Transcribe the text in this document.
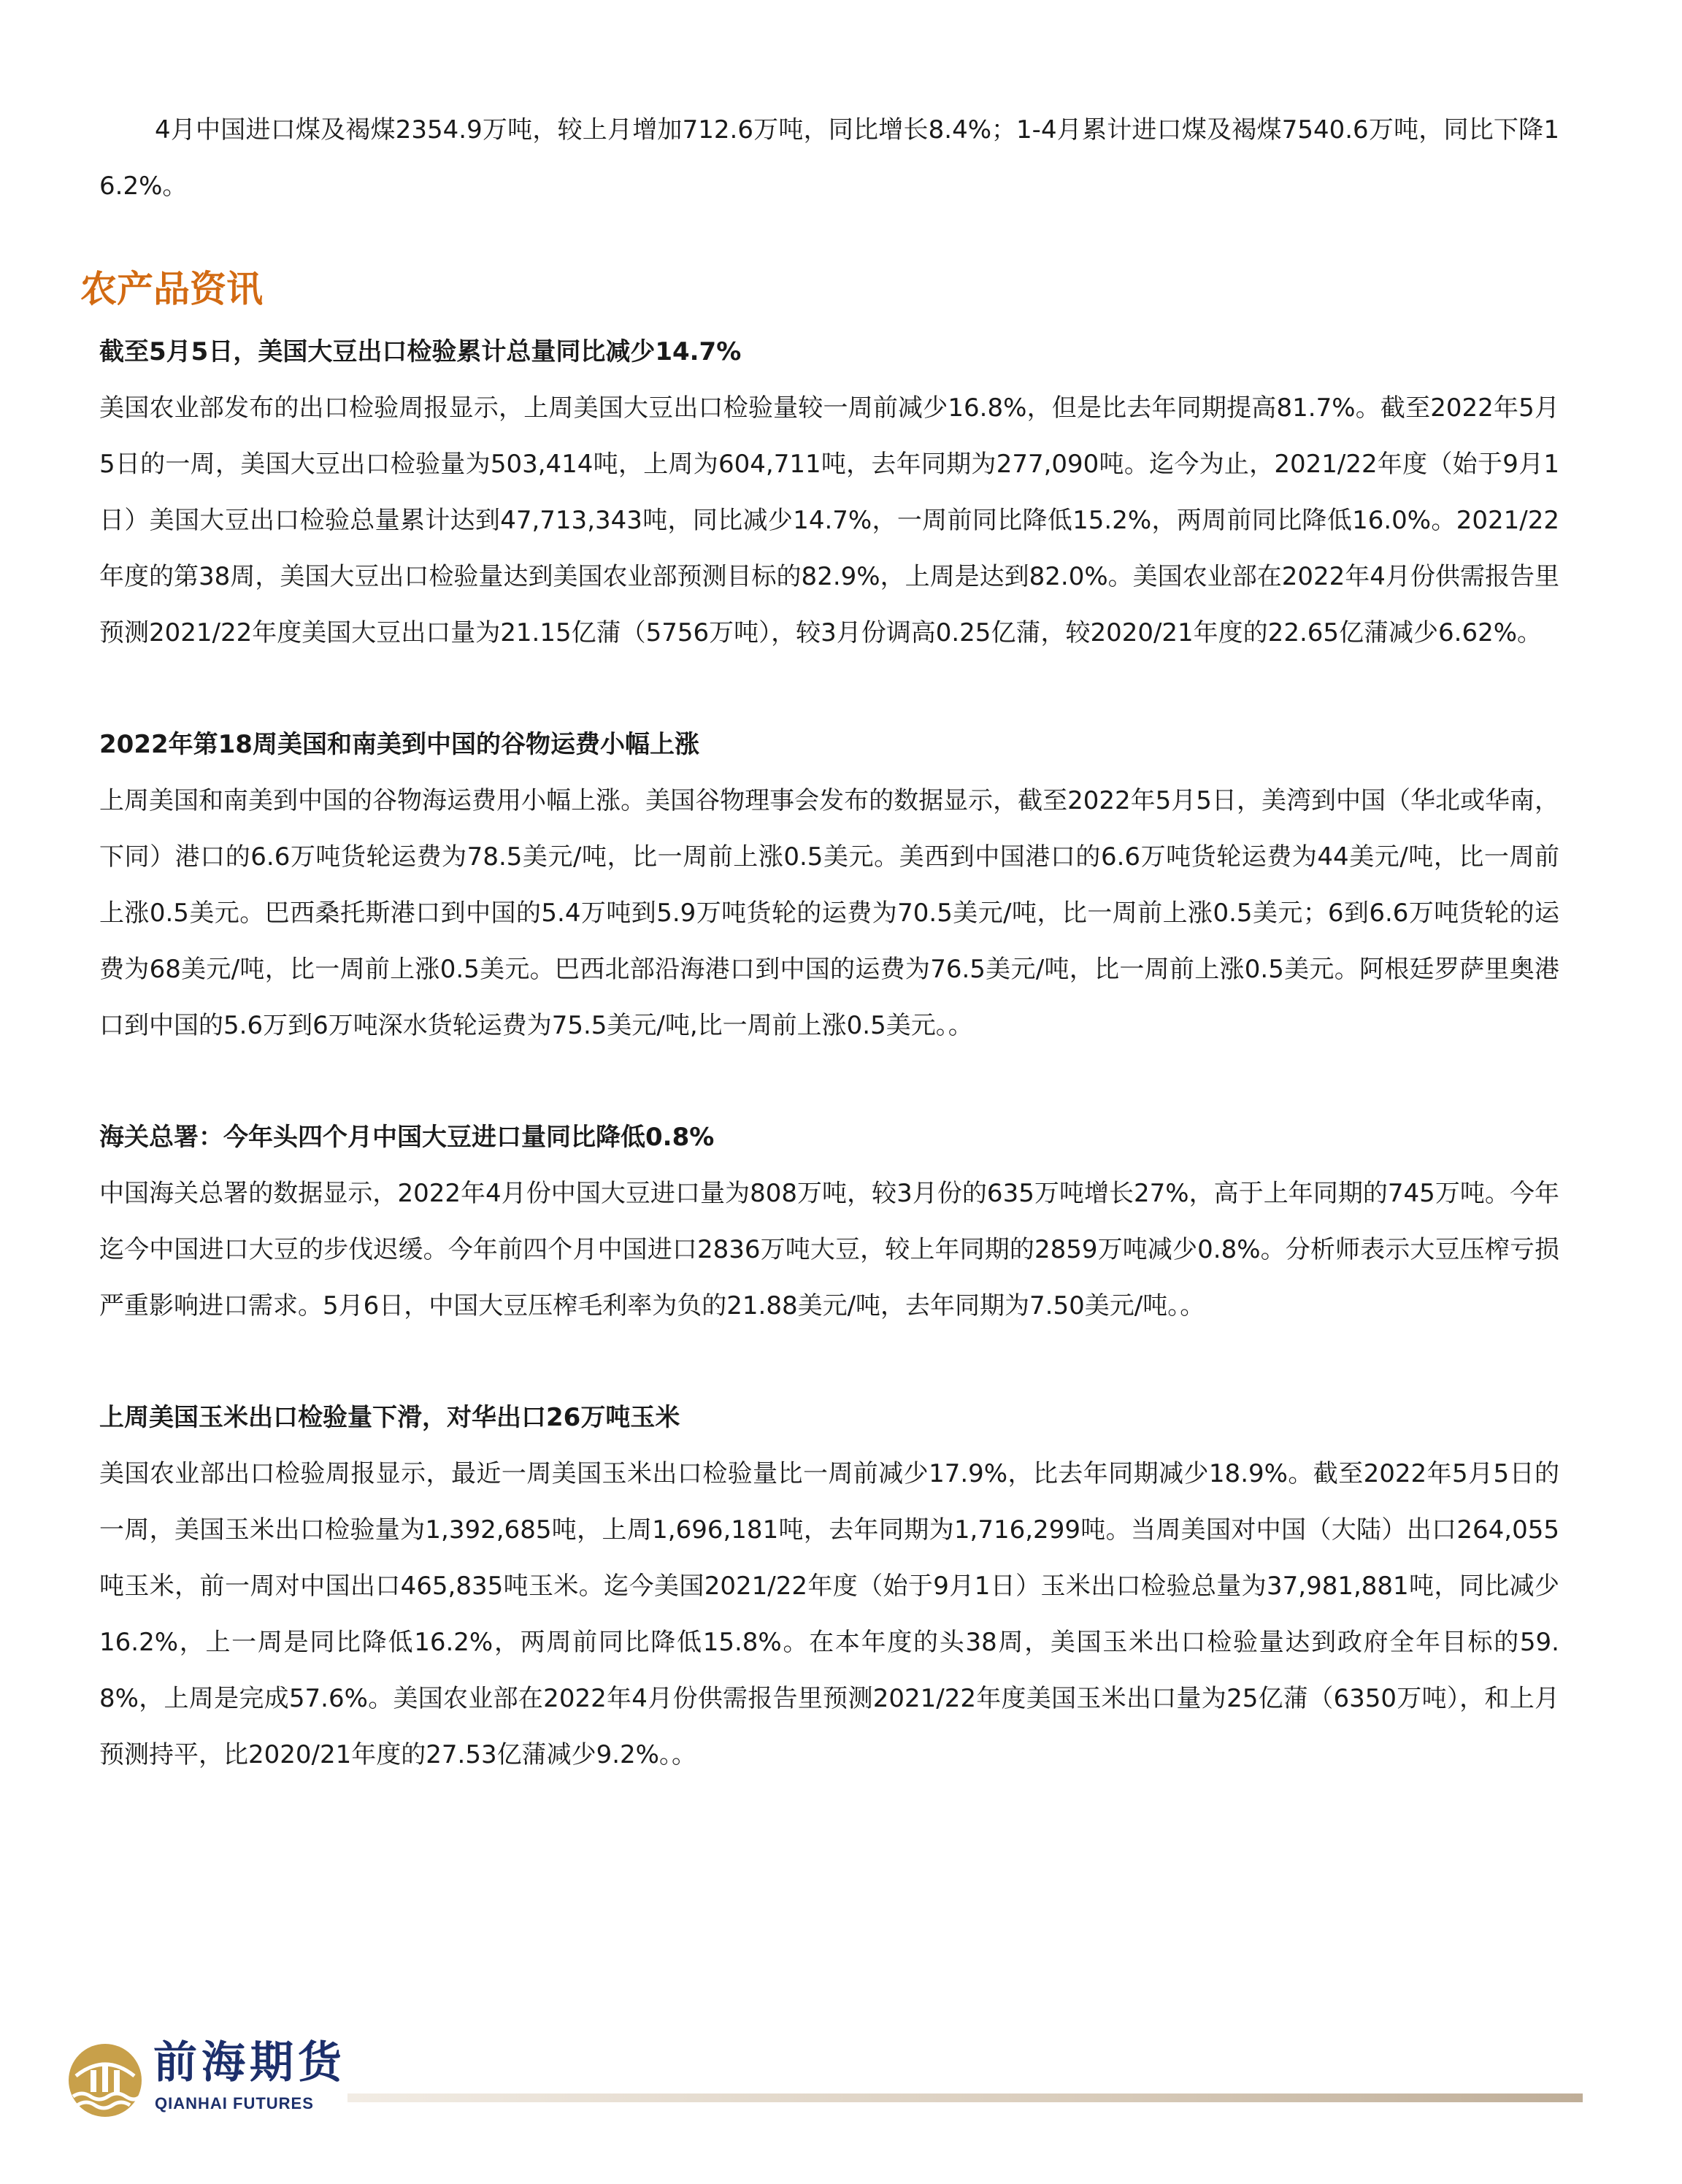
4月中国进口煤及褐煤2354.9万吨，较上月增加712.6万吨，同比增长8.4%；1-4月累计进口煤及褐煤7540.6万吨，同比下降16.2%。

农产品资讯

截至5月5日，美国大豆出口检验累计总量同比减少14.7%

美国农业部发布的出口检验周报显示，上周美国大豆出口检验量较一周前减少16.8%，但是比去年同期提高81.7%。截至2022年5月5日的一周，美国大豆出口检验量为503,414吨，上周为604,711吨，去年同期为277,090吨。迄今为止，2021/22年度（始于9月1日）美国大豆出口检验总量累计达到47,713,343吨，同比减少14.7%，一周前同比降低15.2%，两周前同比降低16.0%。2021/22年度的第38周，美国大豆出口检验量达到美国农业部预测目标的82.9%，上周是达到82.0%。美国农业部在2022年4月份供需报告里预测2021/22年度美国大豆出口量为21.15亿蒲（5756万吨），较3月份调高0.25亿蒲，较2020/21年度的22.65亿蒲减少6.62%。

2022年第18周美国和南美到中国的谷物运费小幅上涨

上周美国和南美到中国的谷物海运费用小幅上涨。美国谷物理事会发布的数据显示，截至2022年5月5日，美湾到中国（华北或华南，下同）港口的6.6万吨货轮运费为78.5美元/吨，比一周前上涨0.5美元。美西到中国港口的6.6万吨货轮运费为44美元/吨，比一周前上涨0.5美元。巴西桑托斯港口到中国的5.4万吨到5.9万吨货轮的运费为70.5美元/吨，比一周前上涨0.5美元；6到6.6万吨货轮的运费为68美元/吨，比一周前上涨0.5美元。巴西北部沿海港口到中国的运费为76.5美元/吨，比一周前上涨0.5美元。阿根廷罗萨里奥港口到中国的5.6万到6万吨深水货轮运费为75.5美元/吨,比一周前上涨0.5美元。。

海关总署：今年头四个月中国大豆进口量同比降低0.8%

中国海关总署的数据显示，2022年4月份中国大豆进口量为808万吨，较3月份的635万吨增长27%，高于上年同期的745万吨。今年迄今中国进口大豆的步伐迟缓。今年前四个月中国进口2836万吨大豆，较上年同期的2859万吨减少0.8%。分析师表示大豆压榨亏损严重影响进口需求。5月6日，中国大豆压榨毛利率为负的21.88美元/吨，去年同期为7.50美元/吨。。

上周美国玉米出口检验量下滑，对华出口26万吨玉米

美国农业部出口检验周报显示，最近一周美国玉米出口检验量比一周前减少17.9%，比去年同期减少18.9%。截至2022年5月5日的一周，美国玉米出口检验量为1,392,685吨，上周1,696,181吨，去年同期为1,716,299吨。当周美国对中国（大陆）出口264,055吨玉米，前一周对中国出口465,835吨玉米。迄今美国2021/22年度（始于9月1日）玉米出口检验总量为37,981,881吨，同比减少16.2%，上一周是同比降低16.2%，两周前同比降低15.8%。在本年度的头38周，美国玉米出口检验量达到政府全年目标的59.8%，上周是完成57.6%。美国农业部在2022年4月份供需报告里预测2021/22年度美国玉米出口量为25亿蒲（6350万吨），和上月预测持平，比2020/21年度的27.53亿蒲减少9.2%。。

前海期货
QIANHAI FUTURES
